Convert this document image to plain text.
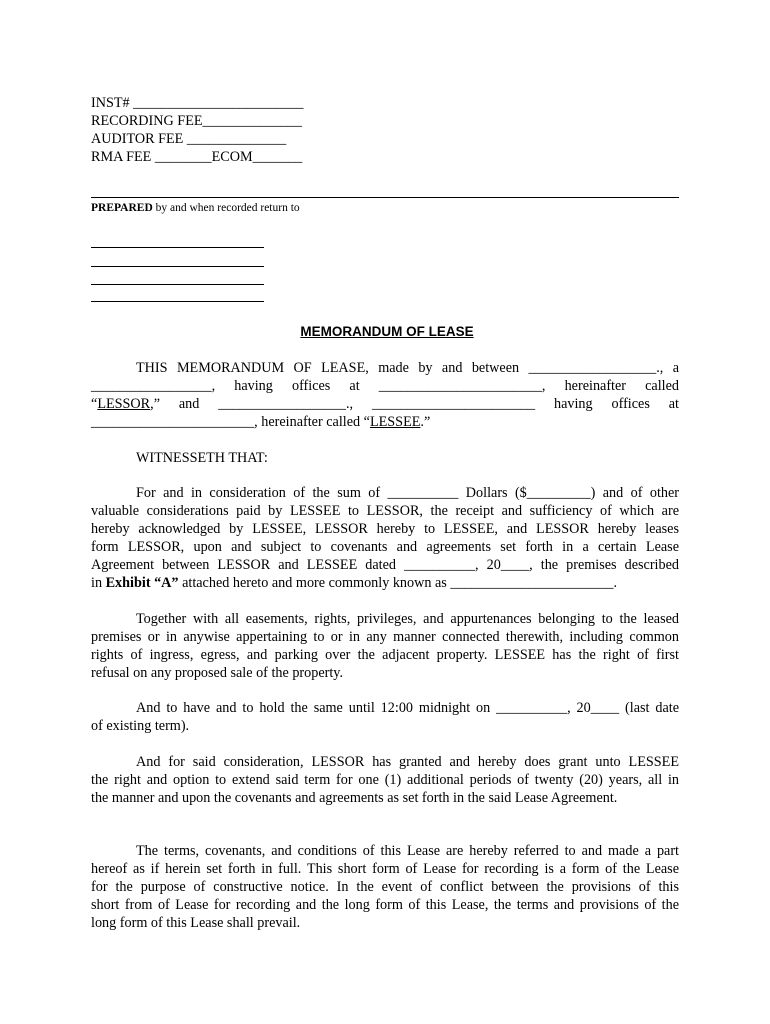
INST# ________________________
RECORDING FEE______________
AUDITOR FEE ______________
RMA FEE ________ECOM_______
PREPARED by and when recorded return to
MEMORANDUM OF LEASE
THIS MEMORANDUM OF LEASE, made by and between __________________., a
_________________, having offices at _______________________, hereinafter called
“LESSOR,” and __________________., _______________________ having offices at
_______________________, hereinafter called “LESSEE.”
WITNESSETH THAT:
For and in consideration of the sum of __________ Dollars ($_________) and of other
valuable considerations paid by LESSEE to LESSOR, the receipt and sufficiency of which are
hereby acknowledged by LESSEE, LESSOR hereby to LESSEE, and LESSOR hereby leases
form LESSOR, upon and subject to covenants and agreements set forth in a certain Lease
Agreement between LESSOR and LESSEE dated __________, 20____, the premises described
in Exhibit “A” attached hereto and more commonly known as _______________________.
Together with all easements, rights, privileges, and appurtenances belonging to the leased
premises or in anywise appertaining to or in any manner connected therewith, including common
rights of ingress, egress, and parking over the adjacent property. LESSEE has the right of first
refusal on any proposed sale of the property.
And to have and to hold the same until 12:00 midnight on __________, 20____ (last date
of existing term).
And for said consideration, LESSOR has granted and hereby does grant unto LESSEE
the right and option to extend said term for one (1) additional periods of twenty (20) years, all in
the manner and upon the covenants and agreements as set forth in the said Lease Agreement.
The terms, covenants, and conditions of this Lease are hereby referred to and made a part
hereof as if herein set forth in full. This short form of Lease for recording is a form of the Lease
for the purpose of constructive notice. In the event of conflict between the provisions of this
short from of Lease for recording and the long form of this Lease, the terms and provisions of the
long form of this Lease shall prevail.
